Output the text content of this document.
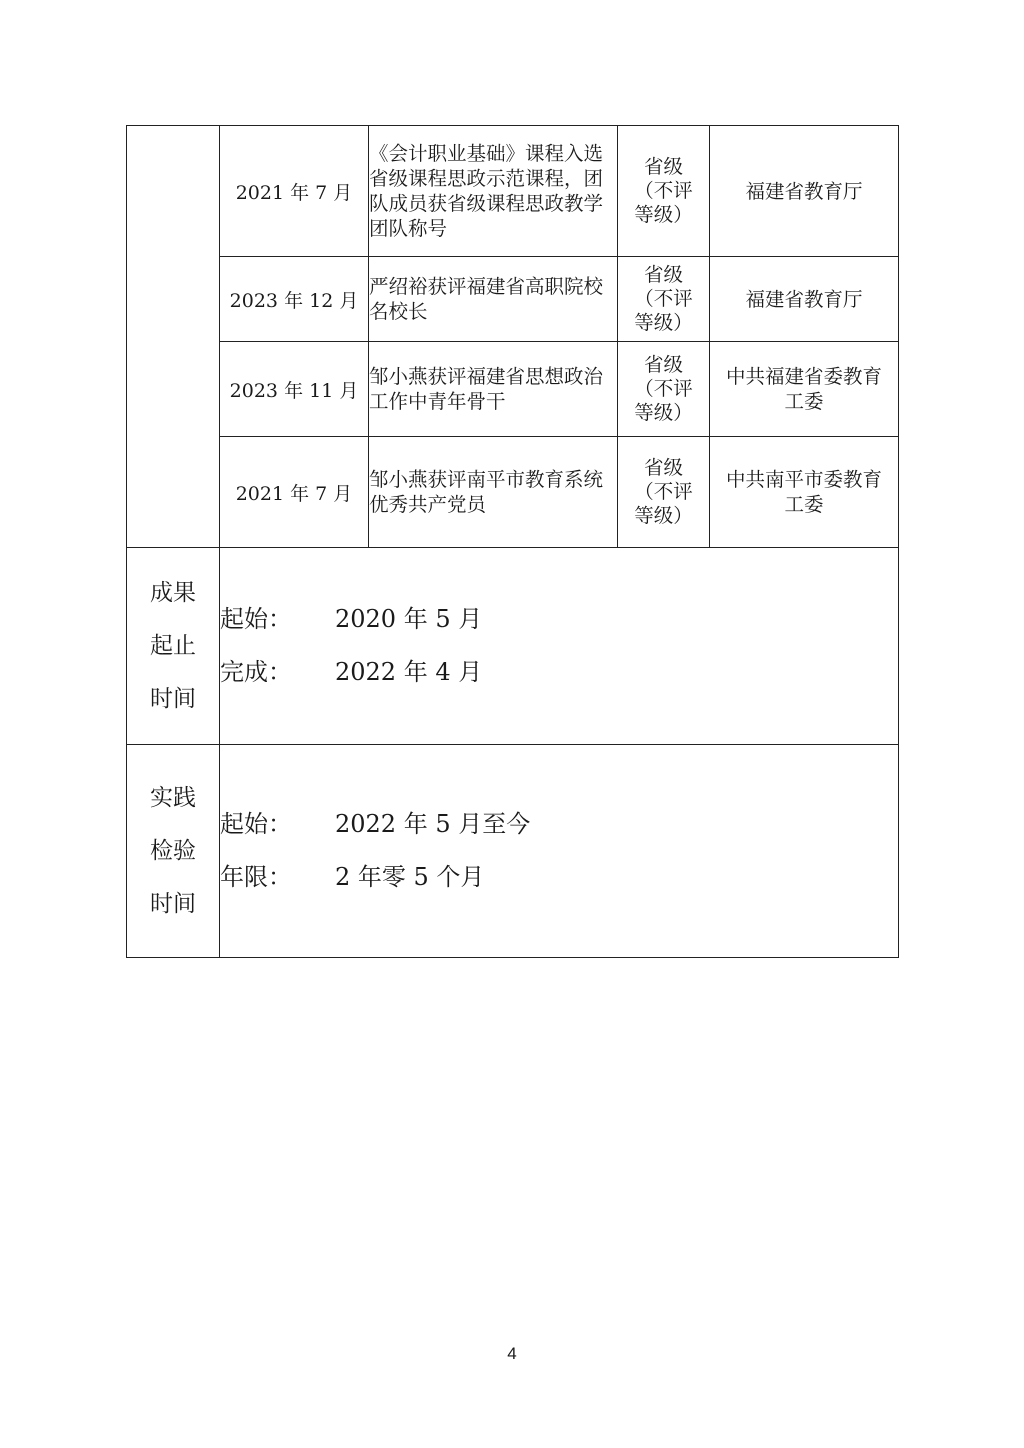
	2021 年 7 月	《会计职业基础》课程入选省级课程思政示范课程，团队成员获省级课程思政教学团队称号	省级（不评等级）	福建省教育厅
	2023 年 12 月	严绍裕获评福建省高职院校名校长	省级（不评等级）	福建省教育厅
	2023 年 11 月	邹小燕获评福建省思想政治工作中青年骨干	省级（不评等级）	中共福建省委教育工委
	2021 年 7 月	邹小燕获评南平市教育系统优秀共产党员	省级（不评等级）	中共南平市委教育工委
成果起止时间	起始： 2020 年 5 月
完成： 2022 年 4 月			

实践检验时间	起始： 2022 年 5 月至今
年限： 2 年零 5 个月			
4
